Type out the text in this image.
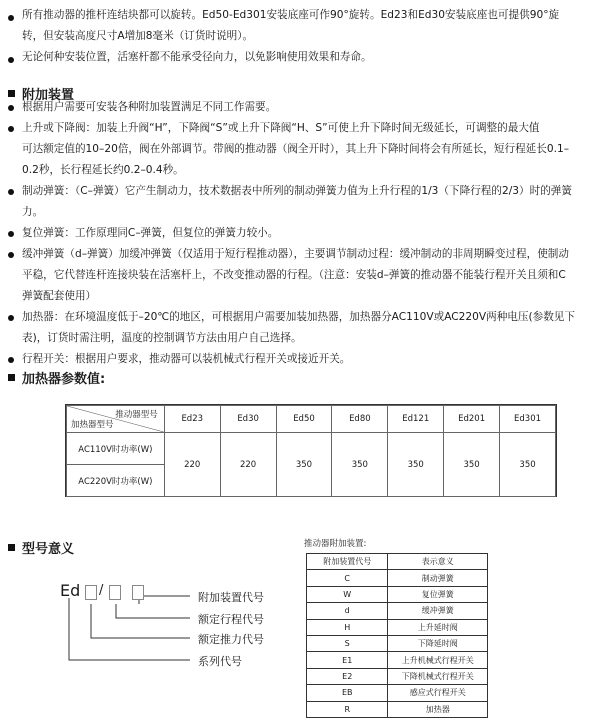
所有推动器的推杆连结块都可以旋转。Ed50-Ed301安装底座可作90°旋转。Ed23和Ed30安装底座也可提供90°旋
转，但安装高度尺寸A增加8毫米（订货时说明）。
无论何种安装位置，活塞杆都不能承受径向力，以免影响使用效果和寿命。
附加装置
根据用户需要可安装各种附加装置满足不同工作需要。
上升或下降阀：加装上升阀“H”，下降阀“S”或上升下降阀“H、S”可使上升下降时间无级延长，可调整的最大值
可达额定值的10–20倍，阀在外部调节。带阀的推动器（阀全开时），其上升下降时间将会有所延长，短行程延长0.1–
0.2秒，长行程延长约0.2–0.4秒。
制动弹簧：（C–弹簧）它产生制动力，技术数据表中所列的制动弹簧力值为上升行程的1/3（下降行程的2/3）时的弹簧
力。
复位弹簧：工作原理同C–弹簧，但复位的弹簧力较小。
缓冲弹簧（d–弹簧）加缓冲弹簧（仅适用于短行程推动器），主要调节制动过程：缓冲制动的非周期瞬变过程，使制动
平稳，它代替连杆连接块装在活塞杆上，不改变推动器的行程。（注意：安装d–弹簧的推动器不能装行程开关且须和C
弹簧配套使用）
加热器：在环境温度低于–20℃的地区，可根据用户需要加装加热器，加热器分AC110V或AC220V两种电压(参数见下
表)，订货时需注明，温度的控制调节方法由用户自己选择。
行程开关：根据用户要求，推动器可以装机械式行程开关或接近开关。
加热器参数值:
推动器型号
加热器型号	Ed23	Ed30	Ed50	Ed80	Ed121	Ed201	Ed301
AC110V时功率(W)	220	220	350	350	350	350	350
AC220V时功率(W)							
型号意义
Ed /	附加装置代号
额定行程代号
额定推力代号
系列代号
推动器附加装置:
附加装置代号	表示意义
C	制动弹簧
W	复位弹簧
d	缓冲弹簧
H	上升延时阀
S	下降延时阀
E1	上升机械式行程开关
E2	下降机械式行程开关
EB	感应式行程开关
R	加热器
